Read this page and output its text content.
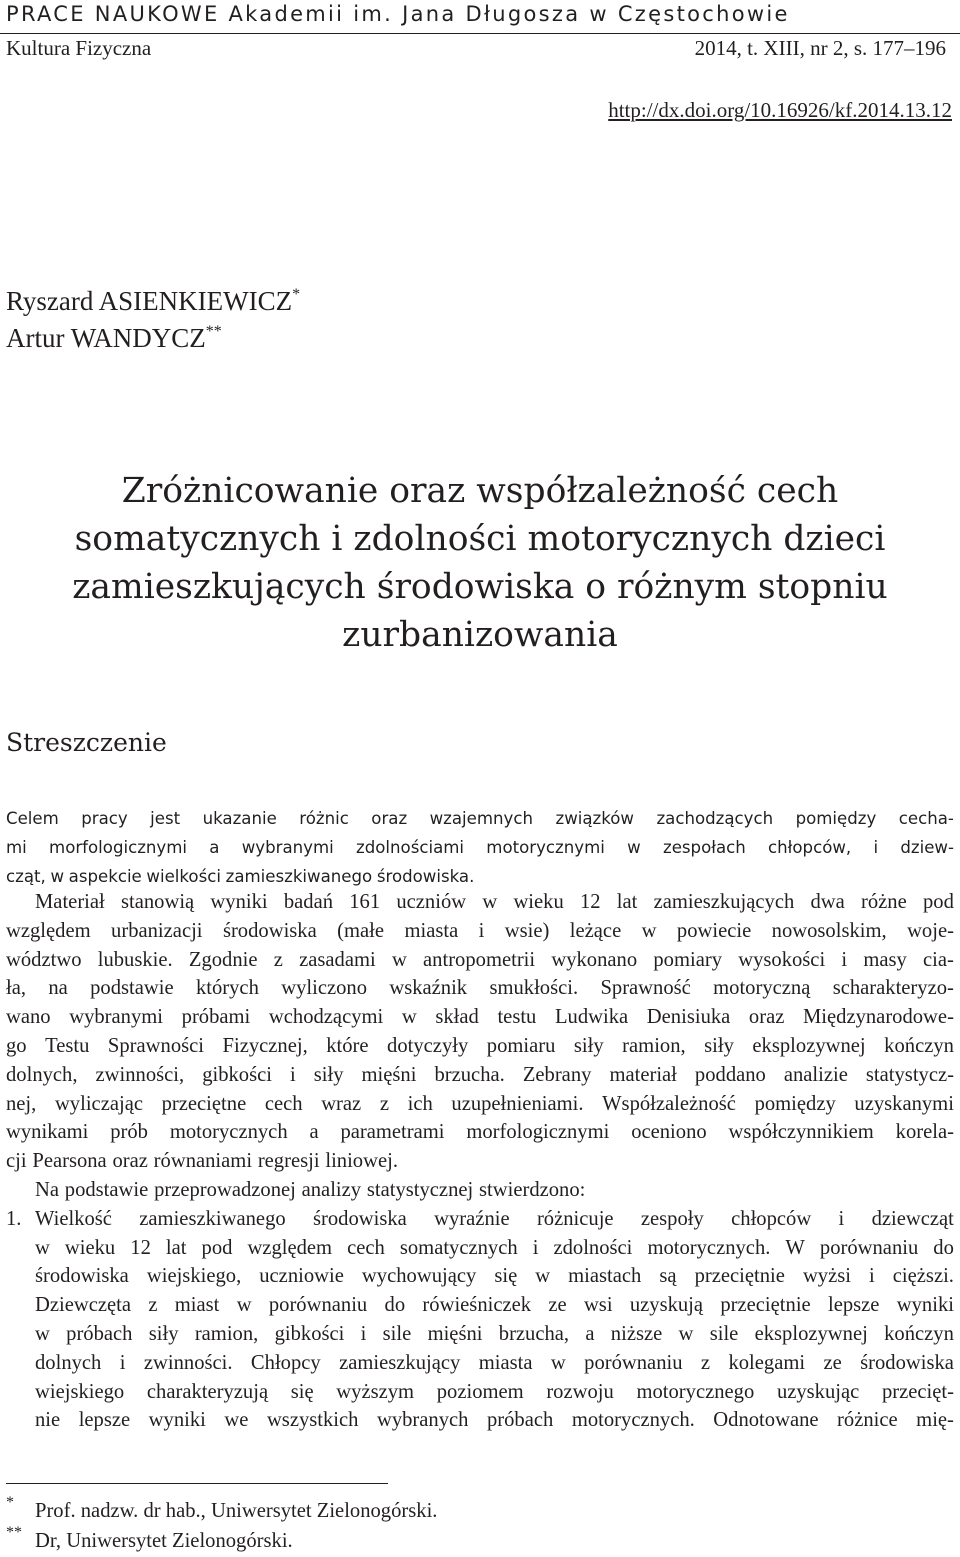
PRACE NAUKOWE Akademii im. Jana Długosza w Częstochowie
Kultura Fizyczna	2014, t. XIII, nr 2, s. 177–196
http://dx.doi.org/10.16926/kf.2014.13.12
Ryszard ASIENKIEWICZ*
Artur WANDYCZ**
Zróżnicowanie oraz współzależność cech
somatycznych i zdolności motorycznych dzieci
zamieszkujących środowiska o różnym stopniu
zurbanizowania
Streszczenie
Celem pracy jest ukazanie różnic oraz wzajemnych związków zachodzących pomiędzy cecha-
mi morfologicznymi a wybranymi zdolnościami motorycznymi w zespołach chłopców, i dziew-
cząt, w aspekcie wielkości zamieszkiwanego środowiska.
Materiał stanowią wyniki badań 161 uczniów w wieku 12 lat zamieszkujących dwa różne pod
względem urbanizacji środowiska (małe miasta i wsie) leżące w powiecie nowosolskim, woje-
wództwo lubuskie. Zgodnie z zasadami w antropometrii wykonano pomiary wysokości i masy cia-
ła, na podstawie których wyliczono wskaźnik smukłości. Sprawność motoryczną scharakteryzo-
wano wybranymi próbami wchodzącymi w skład testu Ludwika Denisiuka oraz Międzynarodowe-
go Testu Sprawności Fizycznej, które dotyczyły pomiaru siły ramion, siły eksplozywnej kończyn
dolnych, zwinności, gibkości i siły mięśni brzucha. Zebrany materiał poddano analizie statystycz-
nej, wyliczając przeciętne cech wraz z ich uzupełnieniami. Współzależność pomiędzy uzyskanymi
wynikami prób motorycznych a parametrami morfologicznymi oceniono współczynnikiem korela-
cji Pearsona oraz równaniami regresji liniowej.
Na podstawie przeprowadzonej analizy statystycznej stwierdzono:
1. Wielkość zamieszkiwanego środowiska wyraźnie różnicuje zespoły chłopców i dziewcząt
w wieku 12 lat pod względem cech somatycznych i zdolności motorycznych. W porównaniu do
środowiska wiejskiego, uczniowie wychowujący się w miastach są przeciętnie wyżsi i cięższi.
Dziewczęta z miast w porównaniu do rówieśniczek ze wsi uzyskują przeciętnie lepsze wyniki
w próbach siły ramion, gibkości i sile mięśni brzucha, a niższe w sile eksplozywnej kończyn
dolnych i zwinności. Chłopcy zamieszkujący miasta w porównaniu z kolegami ze środowiska
wiejskiego charakteryzują się wyższym poziomem rozwoju motorycznego uzyskując przecięt-
nie lepsze wyniki we wszystkich wybranych próbach motorycznych. Odnotowane różnice mię-
* Prof. nadzw. dr hab., Uniwersytet Zielonogórski.
** Dr, Uniwersytet Zielonogórski.
